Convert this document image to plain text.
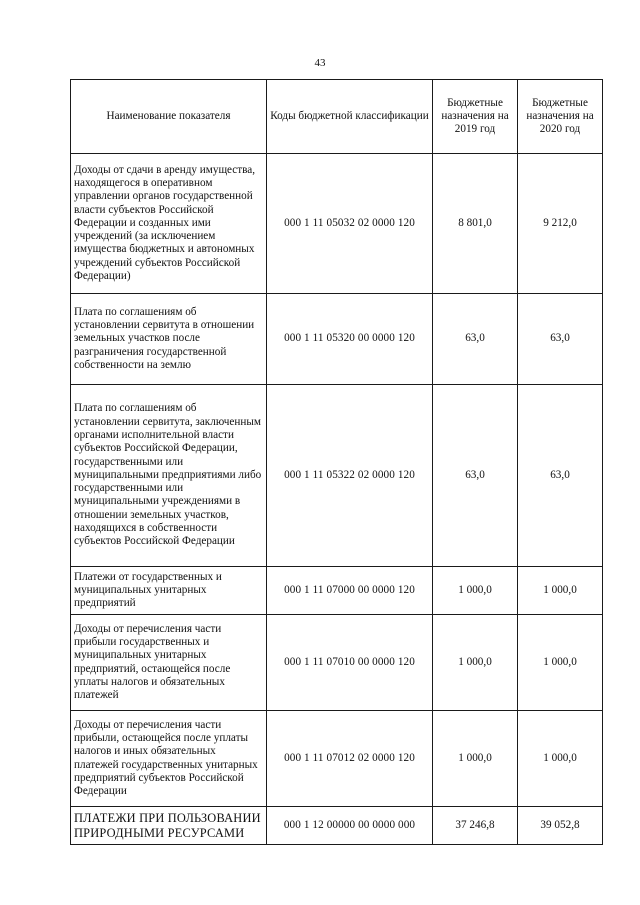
43
Наименование показателя	Коды бюджетной классификации	Бюджетные назначения на 2019 год	Бюджетные назначения на 2020 год
Доходы от сдачи в аренду имущества, находящегося в оперативном управлении органов государственной власти субъектов Российской Федерации и созданных ими учреждений (за исключением имущества бюджетных и автономных учреждений субъектов Российской Федерации)	000 1 11 05032 02 0000 120	8 801,0	9 212,0
Плата по соглашениям об установлении сервитута в отношении земельных участков после разграничения государственной собственности на землю	000 1 11 05320 00 0000 120	63,0	63,0
Плата по соглашениям об установлении сервитута, заключенным органами исполнительной власти субъектов Российской Федерации, государственными или муниципальными предприятиями либо государственными или муниципальными учреждениями в отношении земельных участков, находящихся в собственности субъектов Российской Федерации	000 1 11 05322 02 0000 120	63,0	63,0
Платежи от государственных и муниципальных унитарных предприятий	000 1 11 07000 00 0000 120	1 000,0	1 000,0
Доходы от перечисления части прибыли государственных и муниципальных унитарных предприятий, остающейся после уплаты налогов и обязательных платежей	000 1 11 07010 00 0000 120	1 000,0	1 000,0
Доходы от перечисления части прибыли, остающейся после уплаты налогов и иных обязательных платежей государственных унитарных предприятий субъектов Российской Федерации	000 1 11 07012 02 0000 120	1 000,0	1 000,0
ПЛАТЕЖИ ПРИ ПОЛЬЗОВАНИИ ПРИРОДНЫМИ РЕСУРСАМИ	000 1 12 00000 00 0000 000	37 246,8	39 052,8
